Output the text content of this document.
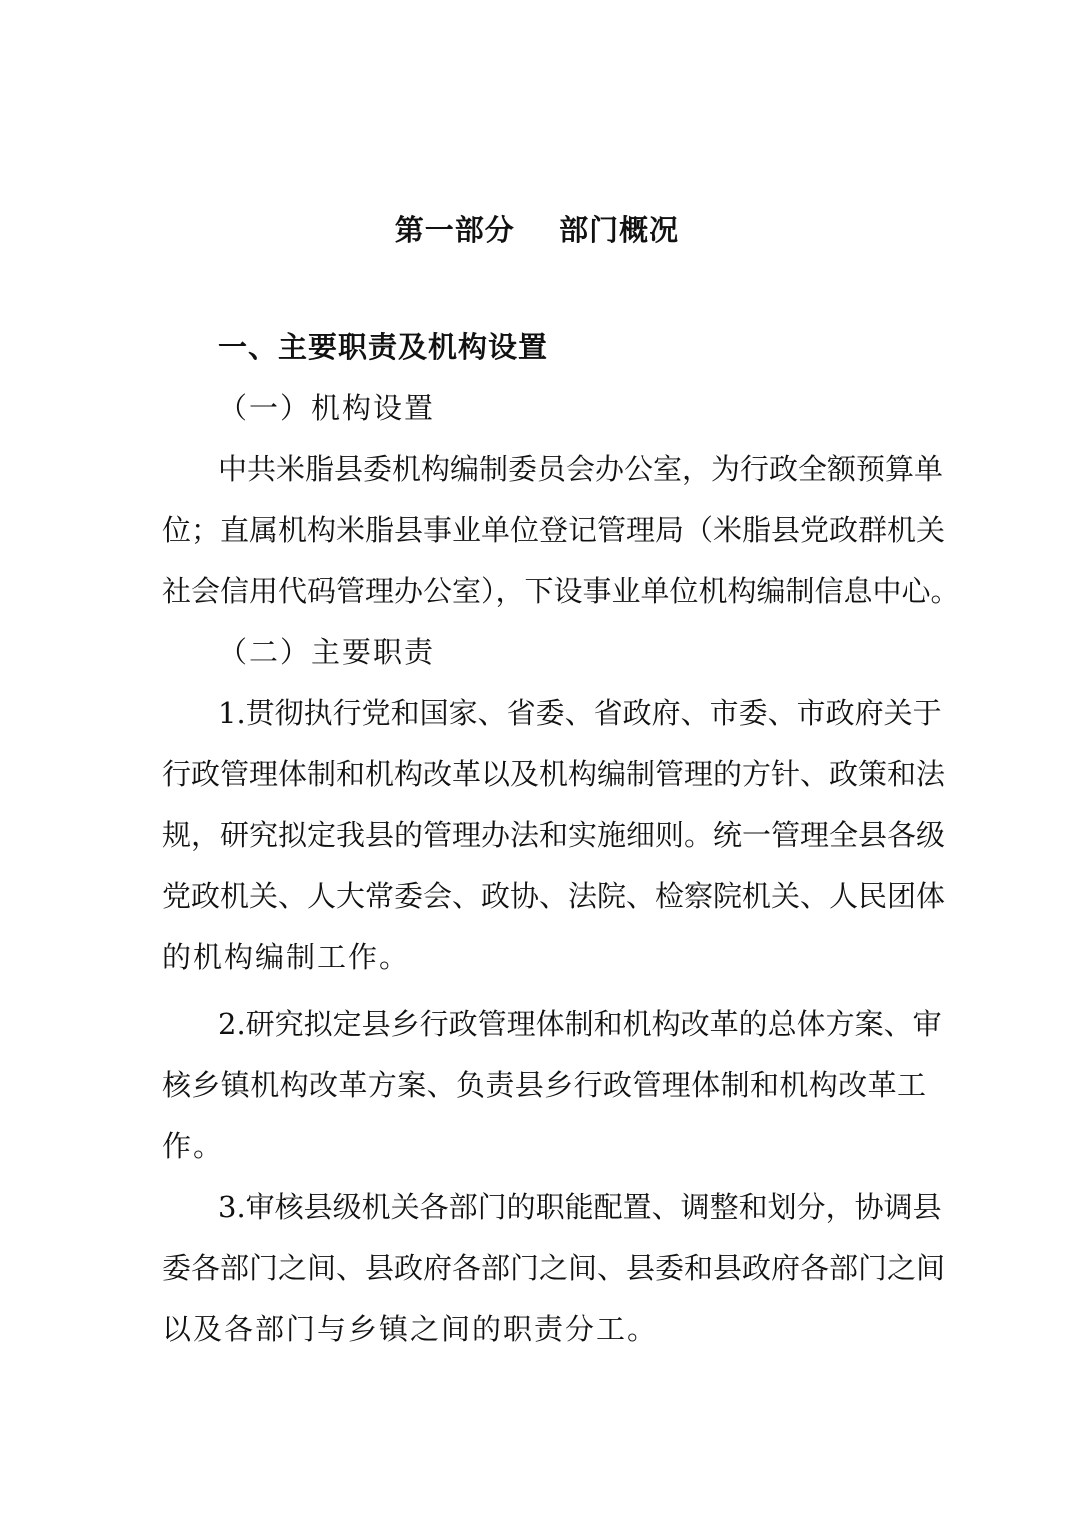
第一部分    部门概况
一、主要职责及机构设置
（一）机构设置
中共米脂县委机构编制委员会办公室，为行政全额预算单
位；直属机构米脂县事业单位登记管理局（米脂县党政群机关
社会信用代码管理办公室），下设事业单位机构编制信息中心。
（二）主要职责
1.贯彻执行党和国家、省委、省政府、市委、市政府关于
行政管理体制和机构改革以及机构编制管理的方针、政策和法
规，研究拟定我县的管理办法和实施细则。统一管理全县各级
党政机关、人大常委会、政协、法院、检察院机关、人民团体
的机构编制工作。
2.研究拟定县乡行政管理体制和机构改革的总体方案、审
核乡镇机构改革方案、负责县乡行政管理体制和机构改革工
作。
3.审核县级机关各部门的职能配置、调整和划分，协调县
委各部门之间、县政府各部门之间、县委和县政府各部门之间
以及各部门与乡镇之间的职责分工。
